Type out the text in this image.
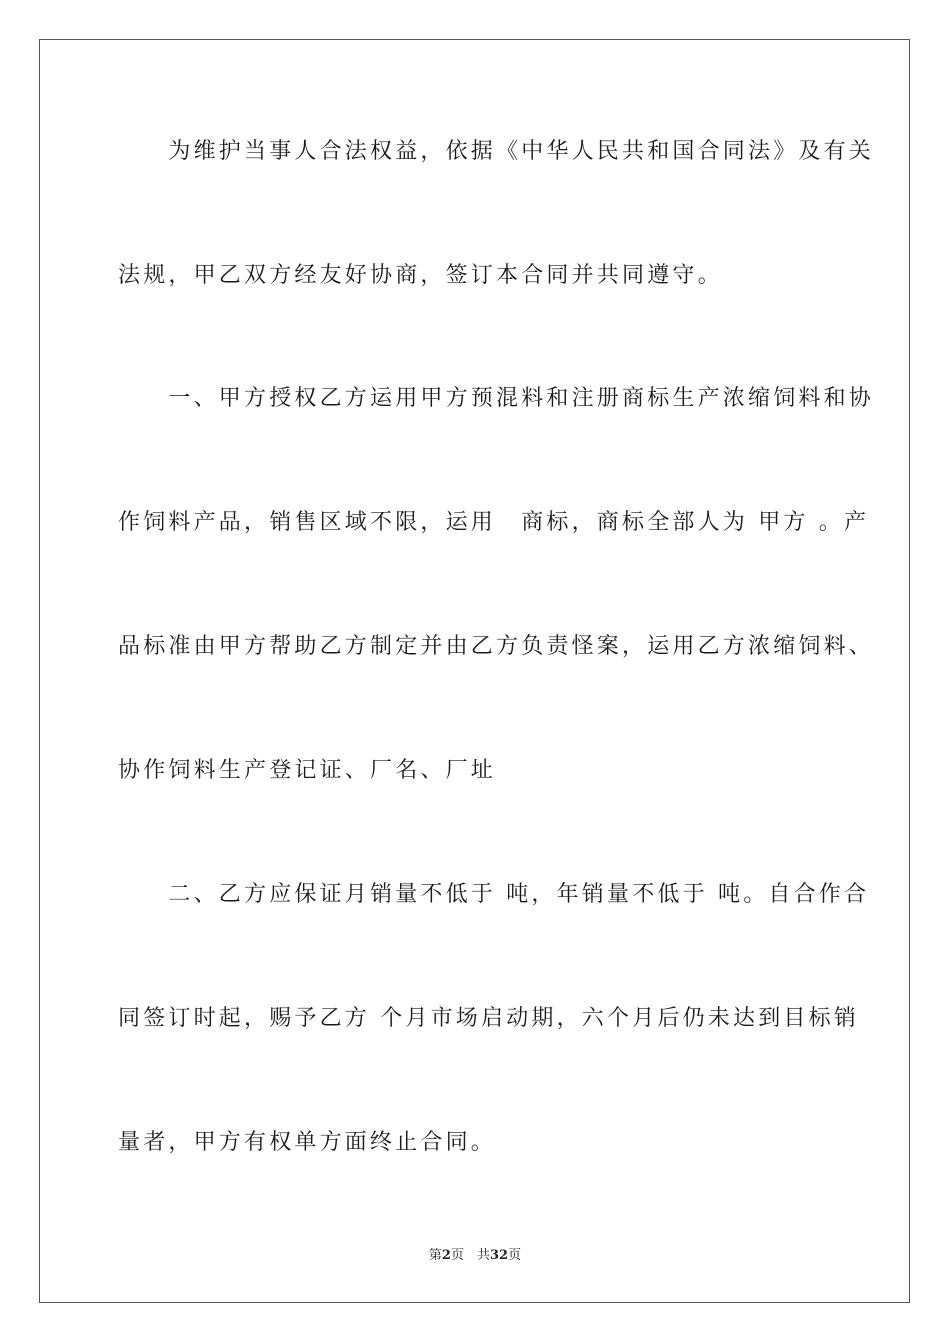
　　为维护当事人合法权益，依据《中华人民共和国合同法》及有关
法规，甲乙双方经友好协商，签订本合同并共同遵守。
　　一、甲方授权乙方运用甲方预混料和注册商标生产浓缩饲料和协
作饲料产品，销售区域不限，运用　商标，商标全部人为 甲方 。产
品标准由甲方帮助乙方制定并由乙方负责怪案，运用乙方浓缩饲料、
协作饲料生产登记证、厂名、厂址
　　二、乙方应保证月销量不低于 吨，年销量不低于 吨。自合作合
同签订时起，赐予乙方 个月市场启动期，六个月后仍未达到目标销
量者，甲方有权单方面终止合同。
第2页　共32页
